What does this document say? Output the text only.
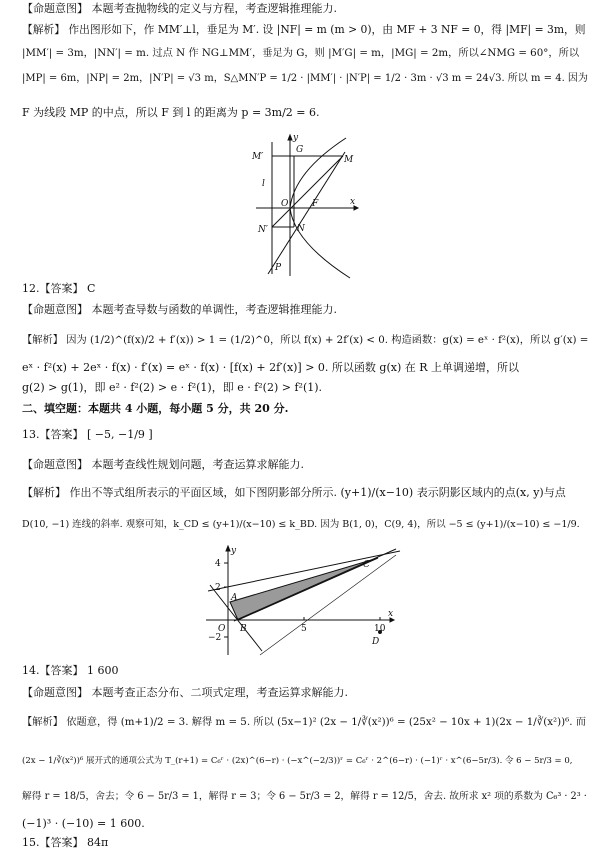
【命题意图】 本题考查抛物线的定义与方程，考查逻辑推理能力.
【解析】 作出图形如下，作 MM′⊥l，垂足为 M′. 设 |NF| = m (m > 0)，由 MF + 3 NF = 0，得 |MF| = 3m，则
|MM′| = 3m，|NN′| = m. 过点 N 作 NG⊥MM′，垂足为 G，则 |M′G| = m，|MG| = 2m，所以∠NMG = 60°，所以
|MP| = 6m，|NP| = 2m，|N′P| = √3 m，S△MN′P = 1/2 · |MM′| · |N′P| = 1/2 · 3m · √3 m = 24√3. 所以 m = 4. 因为
F 为线段 MP 的中点，所以 F 到 l 的距离为 p = 3m/2 = 6.
M′
G
M
l
O	F	x
y
N′	N
P
12.【答案】 C
【命题意图】 本题考查导数与函数的单调性，考查逻辑推理能力.
【解析】 因为 (1/2)^(f(x)/2 + f′(x)) > 1 = (1/2)^0，所以 f(x) + 2f′(x) < 0. 构造函数：g(x) = eˣ · f²(x)，所以 g′(x) =
eˣ · f²(x) + 2eˣ · f(x) · f′(x) = eˣ · f(x) · [f(x) + 2f′(x)] > 0. 所以函数 g(x) 在 R 上单调递增，所以
g(2) > g(1)，即 e² · f²(2) > e · f²(1)，即 e · f²(2) > f²(1).
二、填空题：本题共 4 小题，每小题 5 分，共 20 分.
13.【答案】 [ −5, −1/9 ]
【命题意图】 本题考查线性规划问题，考查运算求解能力.
【解析】 作出不等式组所表示的平面区域，如下图阴影部分所示. (y+1)/(x−10) 表示阴影区域内的点(x, y)与点
D(10, −1) 连线的斜率. 观察可知，k_CD ≤ (y+1)/(x−10) ≤ k_BD. 因为 B(1, 0)，C(9, 4)，所以 −5 ≤ (y+1)/(x−10) ≤ −1/9.
y
x
A
B
C
D
O
2
4
−2
5	10
14.【答案】 1 600
【命题意图】 本题考查正态分布、二项式定理，考查运算求解能力.
【解析】 依题意，得 (m+1)/2 = 3. 解得 m = 5. 所以 (5x−1)² (2x − 1/∛(x²))⁶ = (25x² − 10x + 1)(2x − 1/∛(x²))⁶. 而
(2x − 1/∛(x²))⁶ 展开式的通项公式为 T_(r+1) = C₆ʳ · (2x)^(6−r) · (−x^(−2/3))ʳ = C₆ʳ · 2^(6−r) · (−1)ʳ · x^(6−5r/3). 令 6 − 5r/3 = 0,
解得 r = 18/5，舍去；令 6 − 5r/3 = 1，解得 r = 3；令 6 − 5r/3 = 2，解得 r = 12/5，舍去. 故所求 x² 项的系数为 C₆³ · 2³ ·
(−1)³ · (−10) = 1 600.
15.【答案】 84π
